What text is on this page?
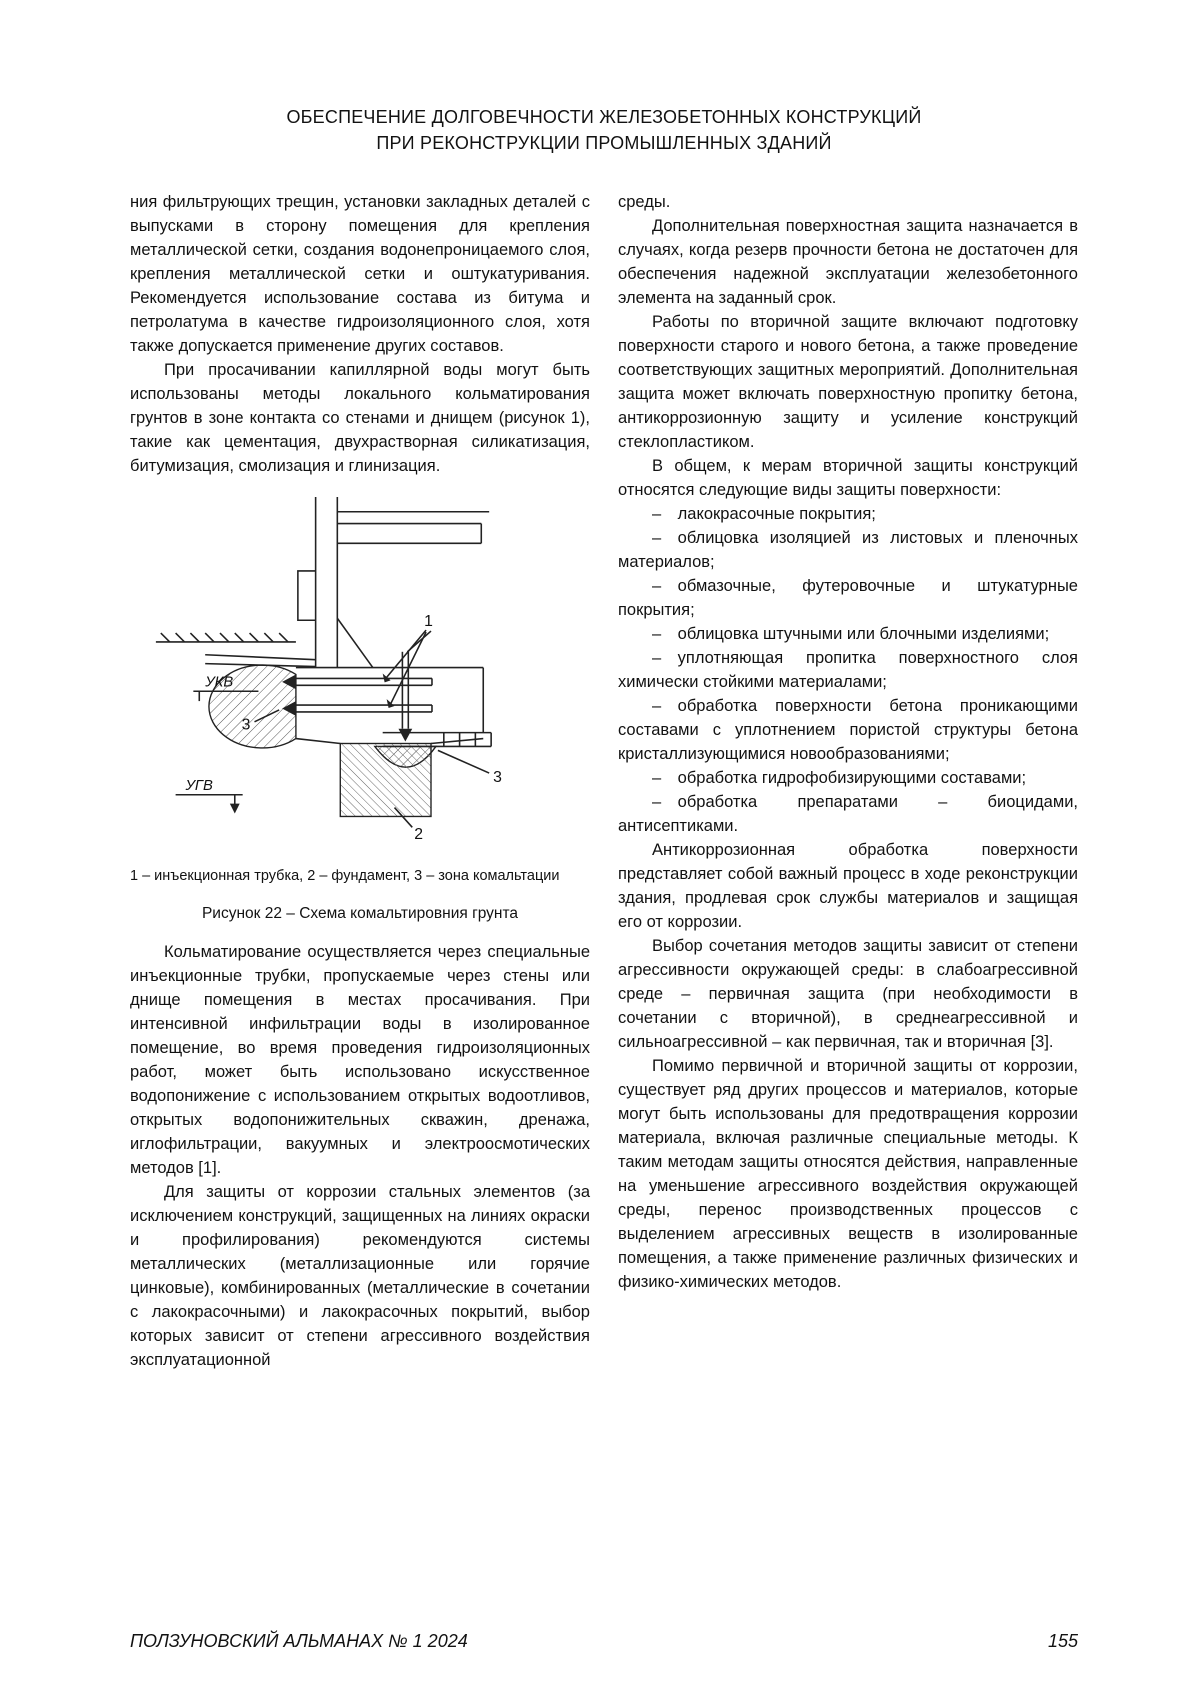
ОБЕСПЕЧЕНИЕ ДОЛГОВЕЧНОСТИ ЖЕЛЕЗОБЕТОННЫХ КОНСТРУКЦИЙ
ПРИ РЕКОНСТРУКЦИИ ПРОМЫШЛЕННЫХ ЗДАНИЙ

ния фильтрующих трещин, установки закладных деталей с выпусками в сторону помещения для крепления металлической сетки, создания водонепроницаемого слоя, крепления металлической сетки и оштукатуривания. Рекомендуется использование состава из битума и петролатума в качестве гидроизоляционного слоя, хотя также допускается применение других составов.

При просачивании капиллярной воды могут быть использованы методы локального кольматирования грунтов в зоне контакта со стенами и днищем (рисунок 1), такие как цементация, двухрастворная силикатизация, битумизация, смолизация и глинизация.

УКВ
УГВ
1
3
3
2
1 – инъекционная трубка, 2 – фундамент, 3 – зона комальтации
Рисунок 22 – Схема комальтировния грунта

Кольматирование осуществляется через специальные инъекционные трубки, пропускаемые через стены или днище помещения в местах просачивания. При интенсивной инфильтрации воды в изолированное помещение, во время проведения гидроизоляционных работ, может быть использовано искусственное водопонижение с использованием открытых водоотливов, открытых водопонижительных скважин, дренажа, иглофильтрации, вакуумных и электроосмотических методов [1].

Для защиты от коррозии стальных элементов (за исключением конструкций, защищенных на линиях окраски и профилирования) рекомендуются системы металлических (металлизационные или горячие цинковые), комбинированных (металлические в сочетании с лакокрасочными) и лакокрасочных покрытий, выбор которых зависит от степени агрессивного воздействия эксплуатационной

среды.

Дополнительная поверхностная защита назначается в случаях, когда резерв прочности бетона не достаточен для обеспечения надежной эксплуатации железобетонного элемента на заданный срок.

Работы по вторичной защите включают подготовку поверхности старого и нового бетона, а также проведение соответствующих защитных мероприятий. Дополнительная защита может включать поверхностную пропитку бетона, антикоррозионную защиту и усиление конструкций стеклопластиком.

В общем, к мерам вторичной защиты конструкций относятся следующие виды защиты поверхности:

– лакокрасочные покрытия;

– облицовка изоляцией из листовых и пленочных материалов;

– обмазочные, футеровочные и штукатурные покрытия;

– облицовка штучными или блочными изделиями;

– уплотняющая пропитка поверхностного слоя химически стойкими материалами;

– обработка поверхности бетона проникающими составами с уплотнением пористой структуры бетона кристаллизующимися новообразованиями;

– обработка гидрофобизирующими составами;

– обработка препаратами – биоцидами, антисептиками.

Антикоррозионная обработка поверхности представляет собой важный процесс в ходе реконструкции здания, продлевая срок службы материалов и защищая его от коррозии.

Выбор сочетания методов защиты зависит от степени агрессивности окружающей среды: в слабоагрессивной среде – первичная защита (при необходимости в сочетании с вторичной), в среднеагрессивной и сильноагрессивной – как первичная, так и вторичная [3].

Помимо первичной и вторичной защиты от коррозии, существует ряд других процессов и материалов, которые могут быть использованы для предотвращения коррозии материала, включая различные специальные методы. К таким методам защиты относятся действия, направленные на уменьшение агрессивного воздействия окружающей среды, перенос производственных процессов с выделением агрессивных веществ в изолированные помещения, а также применение различных физических и физико-химических методов.

ПОЛЗУНОВСКИЙ АЛЬМАНАХ № 1 2024	155
